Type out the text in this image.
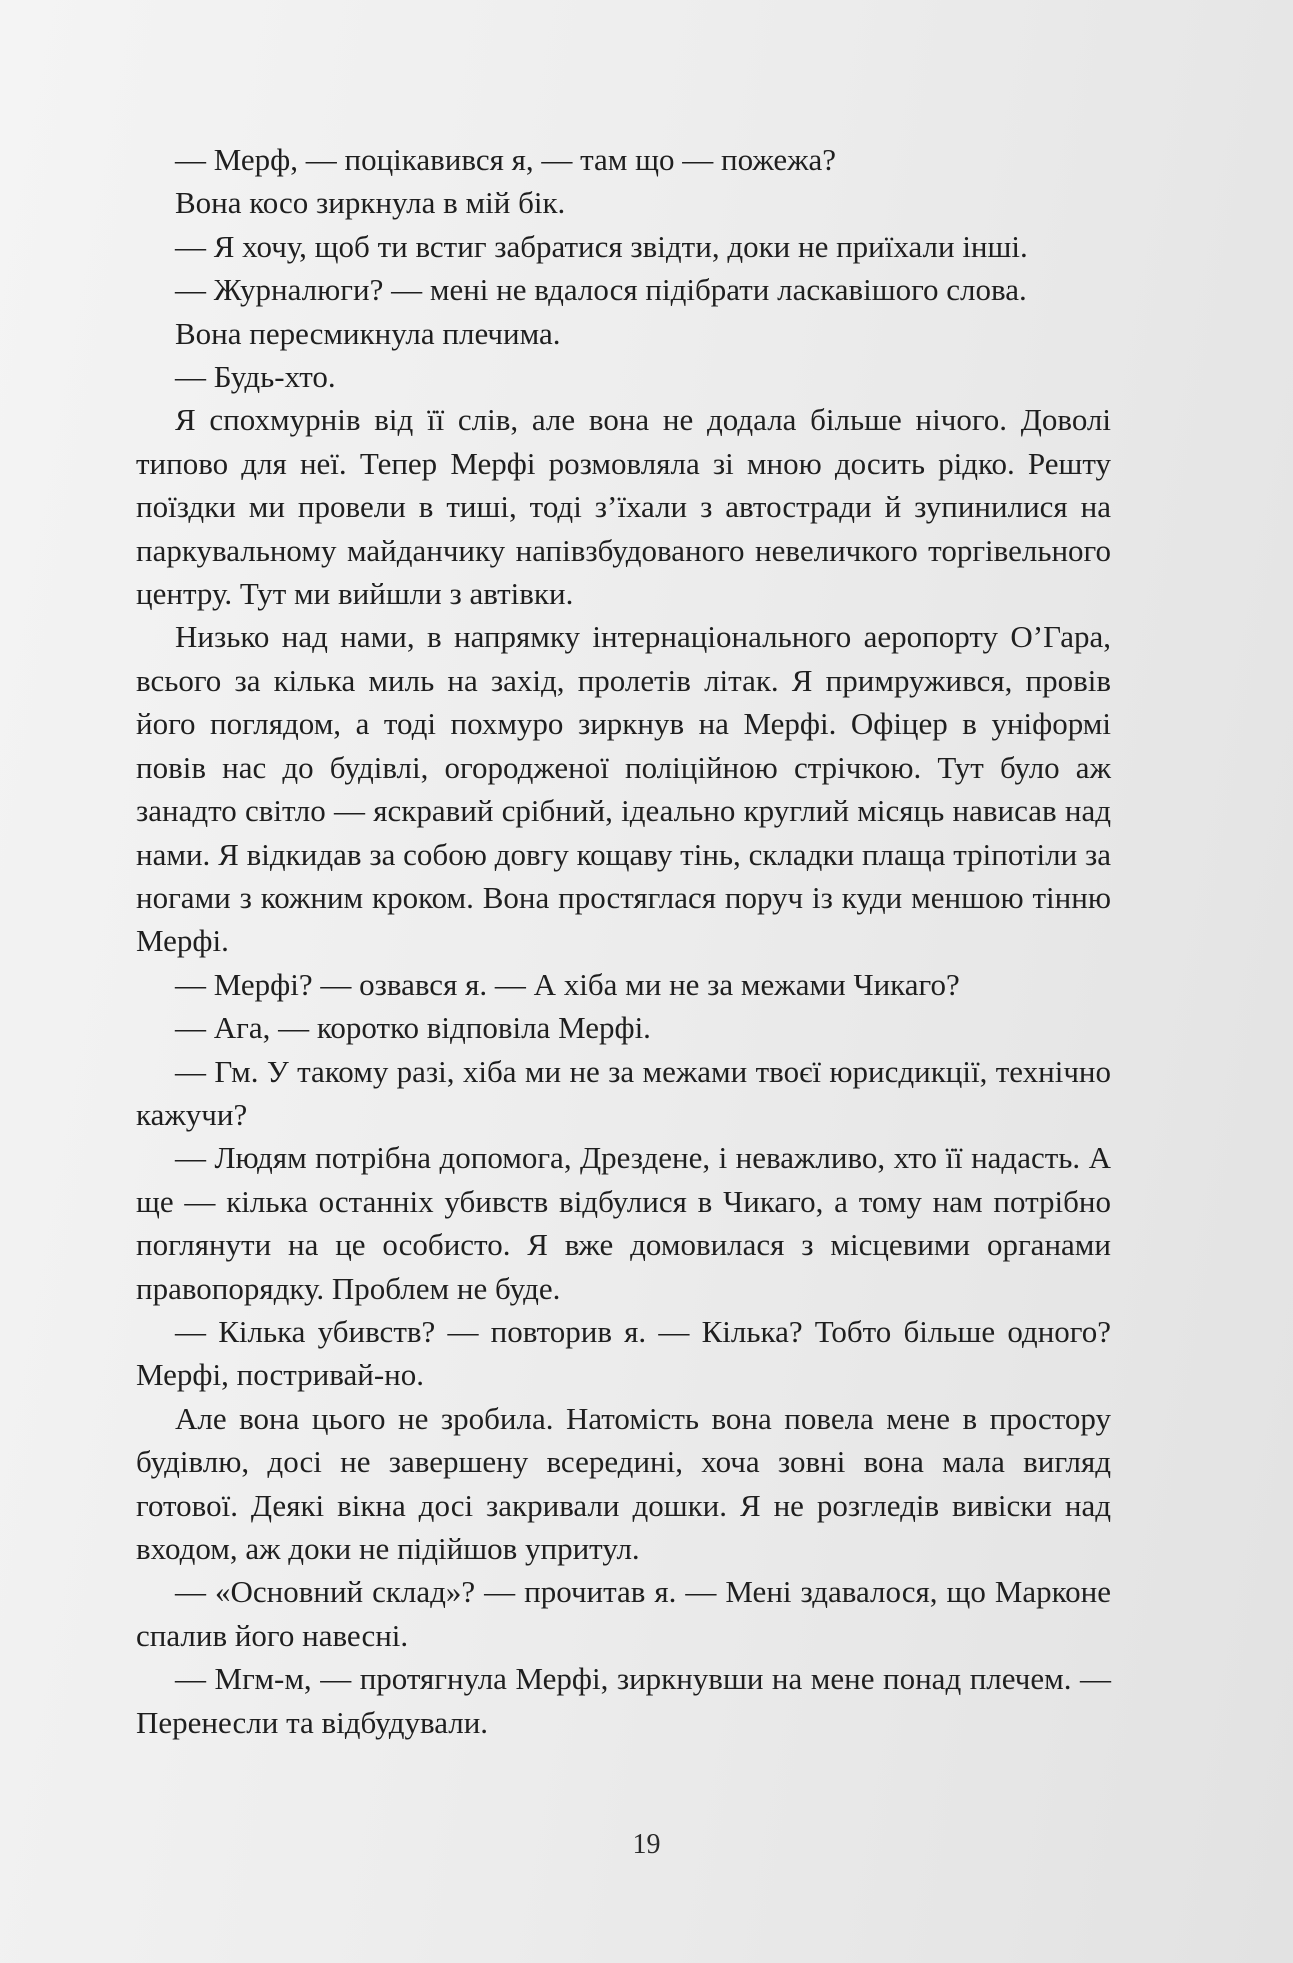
— Мерф, — поцікавився я, — там що — пожежа?

Вона косо зиркнула в мій бік.

— Я хочу, щоб ти встиг забратися звідти, доки не приїхали інші.

— Журналюги? — мені не вдалося підібрати ласкавішого слова.

Вона пересмикнула плечима.

— Будь-хто.

Я спохмурнів від її слів, але вона не додала більше нічого. Доволі типово для неї. Тепер Мерфі розмовляла зі мною досить рідко. Решту поїздки ми провели в тиші, тоді з’їхали з автостради й зупинилися на паркувальному майданчику напівзбудованого невеличкого торгівельного центру. Тут ми вийшли з автівки.

Низько над нами, в напрямку інтернаціонального аеропорту О’Гара, всього за кілька миль на захід, пролетів літак. Я примружився, провів його поглядом, а тоді похмуро зиркнув на Мерфі. Офіцер в уніформі повів нас до будівлі, огородженої поліційною стрічкою. Тут було аж занадто світло — яскравий срібний, ідеально круглий місяць нависав над нами. Я відкидав за собою довгу кощаву тінь, складки плаща тріпотіли за ногами з кожним кроком. Вона простяглася поруч із куди меншою тінню Мерфі.

— Мерфі? — озвався я. — А хіба ми не за межами Чикаго?

— Ага, — коротко відповіла Мерфі.

— Гм. У такому разі, хіба ми не за межами твоєї юрисдикції, технічно кажучи?

— Людям потрібна допомога, Дрездене, і неважливо, хто її надасть. А ще — кілька останніх убивств відбулися в Чикаго, а тому нам потрібно поглянути на це особисто. Я вже домовилася з місцевими органами правопорядку. Проблем не буде.

— Кілька убивств? — повторив я. — Кілька? Тобто більше одного? Мерфі, постривай-но.

Але вона цього не зробила. Натомість вона повела мене в простору будівлю, досі не завершену всередині, хоча зовні вона мала вигляд готової. Деякі вікна досі закривали дошки. Я не розгледів вивіски над входом, аж доки не підійшов упритул.

— «Основний склад»? — прочитав я. — Мені здавалося, що Марконе спалив його навесні.

— Мгм-м, — протягнула Мерфі, зиркнувши на мене понад плечем. — Перенесли та відбудували.

19
